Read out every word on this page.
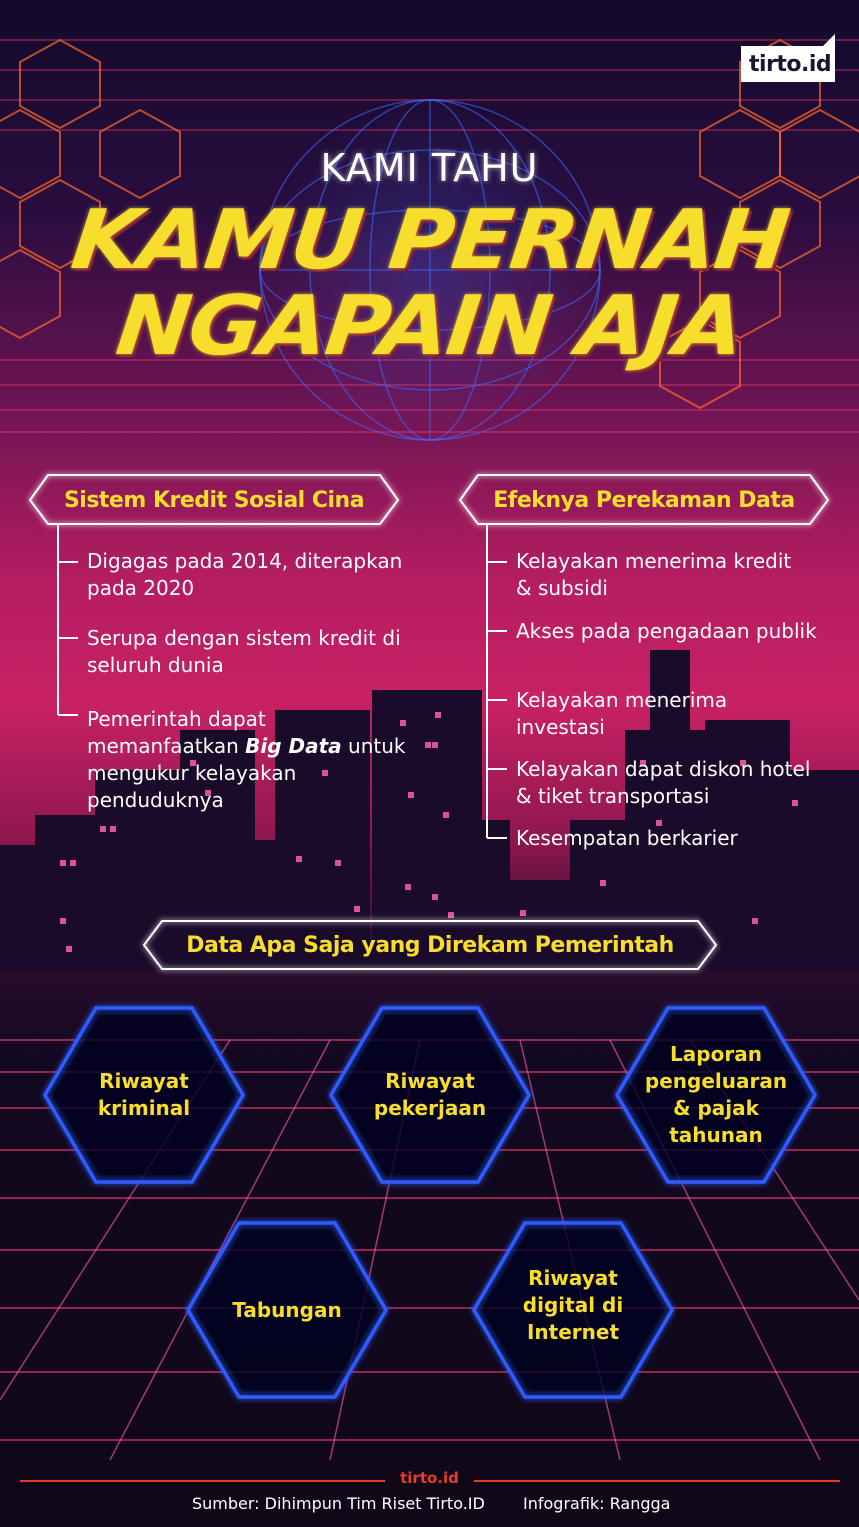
tirto.id
KAMI TAHU
KAMU PERNAH
NGAPAIN AJA
Sistem Kredit Sosial Cina
Digagas pada 2014, diterapkan
pada 2020
Serupa dengan sistem kredit di
seluruh dunia
Pemerintah dapat
memanfaatkan Big Data untuk
mengukur kelayakan
penduduknya
Efeknya Perekaman Data
Kelayakan menerima kredit
& subsidi
Akses pada pengadaan publik
Kelayakan menerima
investasi
Kelayakan dapat diskon hotel
& tiket transportasi
Kesempatan berkarier
Data Apa Saja yang Direkam Pemerintah
Riwayat
kriminal
Riwayat
pekerjaan
Laporan
pengeluaran
& pajak
tahunan
Tabungan
Riwayat
digital di
Internet
tirto.id
Sumber: Dihimpun Tim Riset Tirto.ID Infografik: Rangga
